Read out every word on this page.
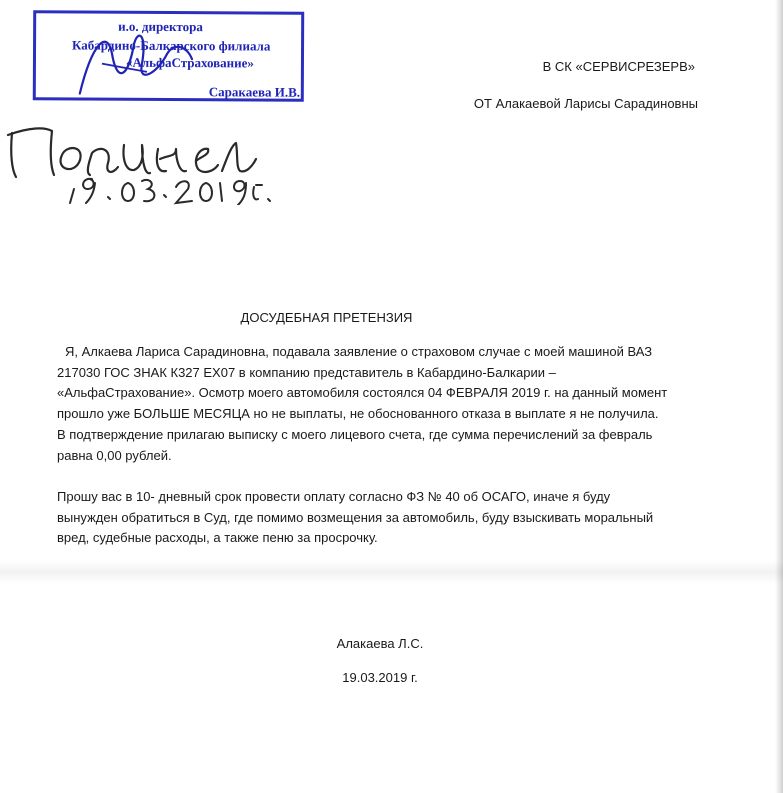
и.о. директора
Кабардино-Балкарского филиала
«АльфаСтрахование»
Саракаева И.В.
В СК «СЕРВИСРЕЗЕРВ»
ОТ Алакаевой Ларисы Сарадиновны
ДОСУДЕБНАЯ ПРЕТЕНЗИЯ

Я, Алкаева Лариса Сарадиновна, подавала заявление о страховом случае с моей машиной ВАЗ
217030 ГОС ЗНАК К327 ЕХ07 в компанию представитель в Кабардино-Балкарии –
«АльфаСтрахование». Осмотр моего автомобиля состоялся 04 ФЕВРАЛЯ 2019 г. на данный момент
прошло уже БОЛЬШЕ МЕСЯЦА но не выплаты, не обоснованного отказа в выплате я не получила.
В подтверждение прилагаю выписку с моего лицевого счета, где сумма перечислений за февраль
равна 0,00 рублей.

Прошу вас в 10- дневный срок провести оплату согласно ФЗ № 40 об ОСАГО, иначе я буду
вынужден обратиться в Суд, где помимо возмещения за автомобиль, буду взыскивать моральный
вред, судебные расходы, а также пеню за просрочку.

Алакаева Л.С.
19.03.2019 г.
